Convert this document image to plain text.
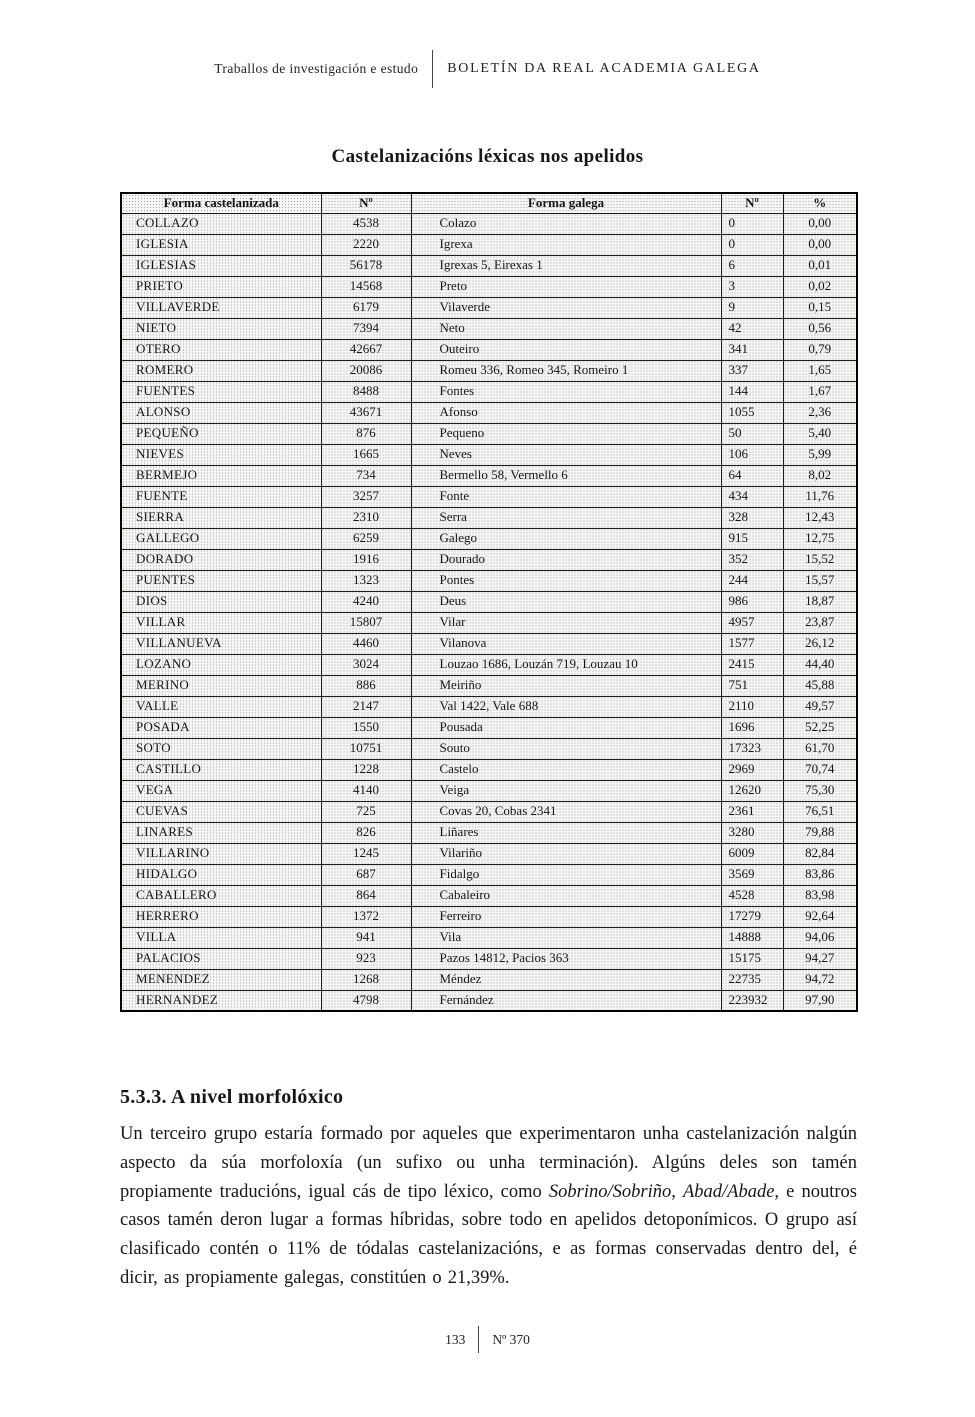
Traballos de investigación e estudo BOLETÍN DA REAL ACADEMIA GALEGA
Castelanizacións léxicas nos apelidos
Forma castelanizada	Nº	Forma galega	Nº	%
COLLAZO	4538	Colazo	0	0,00
IGLESIA	2220	Igrexa	0	0,00
IGLESIAS	56178	Igrexas 5, Eirexas 1	6	0,01
PRIETO	14568	Preto	3	0,02
VILLAVERDE	6179	Vilaverde	9	0,15
NIETO	7394	Neto	42	0,56
OTERO	42667	Outeiro	341	0,79
ROMERO	20086	Romeu 336, Romeo 345, Romeiro 1	337	1,65
FUENTES	8488	Fontes	144	1,67
ALONSO	43671	Afonso	1055	2,36
PEQUEÑO	876	Pequeno	50	5,40
NIEVES	1665	Neves	106	5,99
BERMEJO	734	Bermello 58, Vermello 6	64	8,02
FUENTE	3257	Fonte	434	11,76
SIERRA	2310	Serra	328	12,43
GALLEGO	6259	Galego	915	12,75
DORADO	1916	Dourado	352	15,52
PUENTES	1323	Pontes	244	15,57
DIOS	4240	Deus	986	18,87
VILLAR	15807	Vilar	4957	23,87
VILLANUEVA	4460	Vilanova	1577	26,12
LOZANO	3024	Louzao 1686, Louzán 719, Louzau 10	2415	44,40
MERINO	886	Meiriño	751	45,88
VALLE	2147	Val 1422, Vale 688	2110	49,57
POSADA	1550	Pousada	1696	52,25
SOTO	10751	Souto	17323	61,70
CASTILLO	1228	Castelo	2969	70,74
VEGA	4140	Veiga	12620	75,30
CUEVAS	725	Covas 20, Cobas 2341	2361	76,51
LINARES	826	Liñares	3280	79,88
VILLARINO	1245	Vilariño	6009	82,84
HIDALGO	687	Fidalgo	3569	83,86
CABALLERO	864	Cabaleiro	4528	83,98
HERRERO	1372	Ferreiro	17279	92,64
VILLA	941	Vila	14888	94,06
PALACIOS	923	Pazos 14812, Pacios 363	15175	94,27
MENENDEZ	1268	Méndez	22735	94,72
HERNANDEZ	4798	Fernández	223932	97,90
5.3.3. A nivel morfolóxico

Un terceiro grupo estaría formado por aqueles que experimentaron unha castelanización nalgún aspecto da súa morfoloxía (un sufixo ou unha terminación). Algúns deles son tamén propiamente traducións, igual cás de tipo léxico, como Sobrino/Sobriño, Abad/Abade, e noutros casos tamén deron lugar a formas híbridas, sobre todo en apelidos detoponímicos. O grupo así clasificado contén o 11% de tódalas castelanizacións, e as formas conservadas dentro del, é dicir, as propiamente galegas, constitúen o 21,39%.

133 Nº 370
